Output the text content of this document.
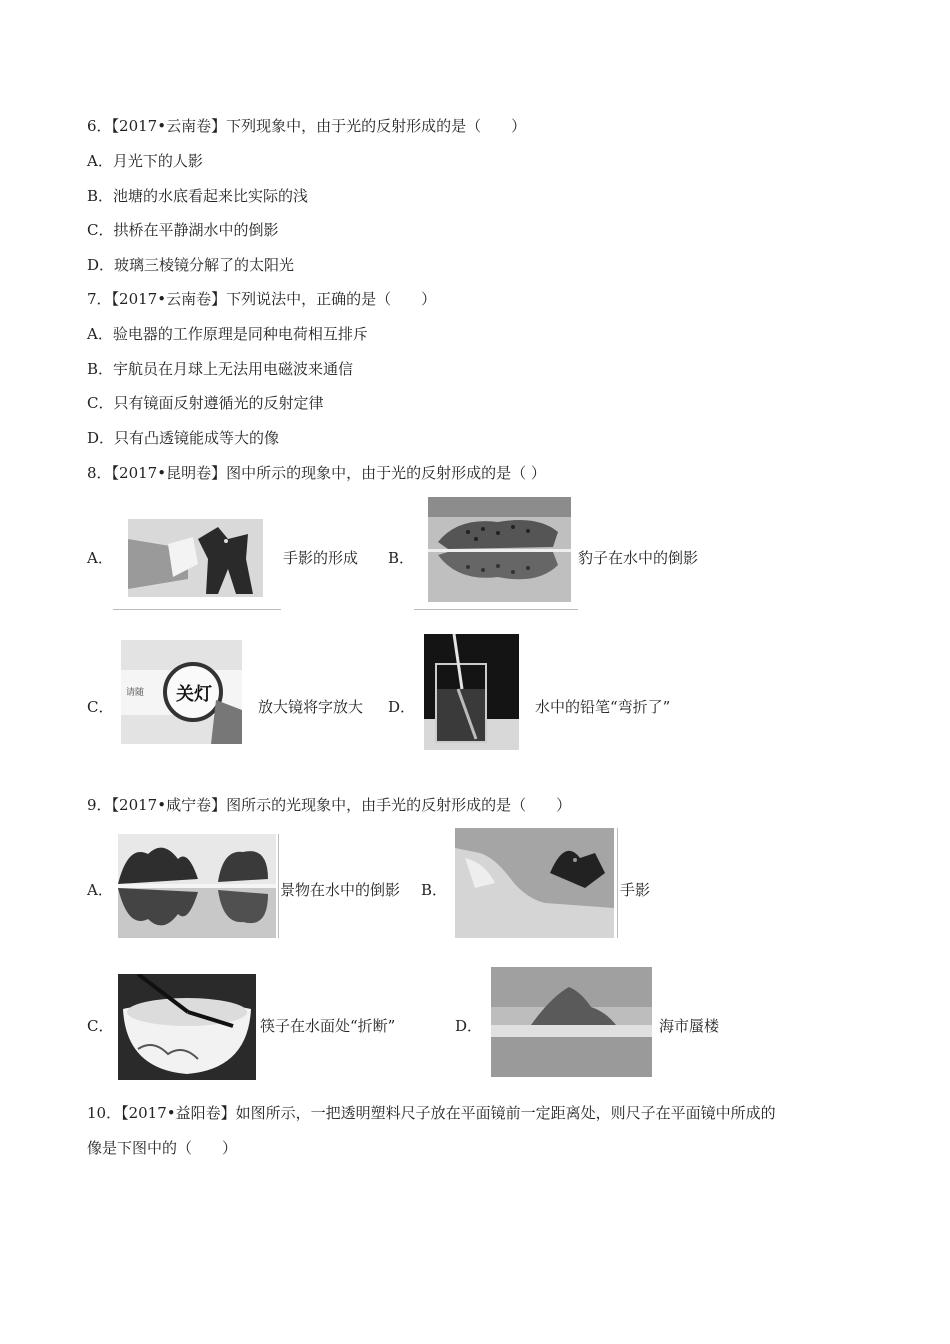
6．【2017•云南卷】下列现象中，由于光的反射形成的是（　　）
A．月光下的人影
B．池塘的水底看起来比实际的浅
C．拱桥在平静湖水中的倒影
D．玻璃三棱镜分解了的太阳光
7．【2017•云南卷】下列说法中，正确的是（　　）
A．验电器的工作原理是同种电荷相互排斥
B．宇航员在月球上无法用电磁波来通信
C．只有镜面反射遵循光的反射定律
D．只有凸透镜能成等大的像
8．【2017•昆明卷】图中所示的现象中，由于光的反射形成的是（ ）
A．	手影的形成 B．	豹子在水中的倒影
C．
请随 关灯
放大镜将字放大 D．	水中的铅笔“弯折了”
9．【2017•咸宁卷】图所示的光现象中，由手光的反射形成的是（　　）
A．	景物在水中的倒影 B．	手影
C．	筷子在水面处“折断”	D．	海市蜃楼
10．【2017•益阳卷】如图所示，一把透明塑料尺子放在平面镜前一定距离处，则尺子在平面镜中所成的
像是下图中的（　　）
